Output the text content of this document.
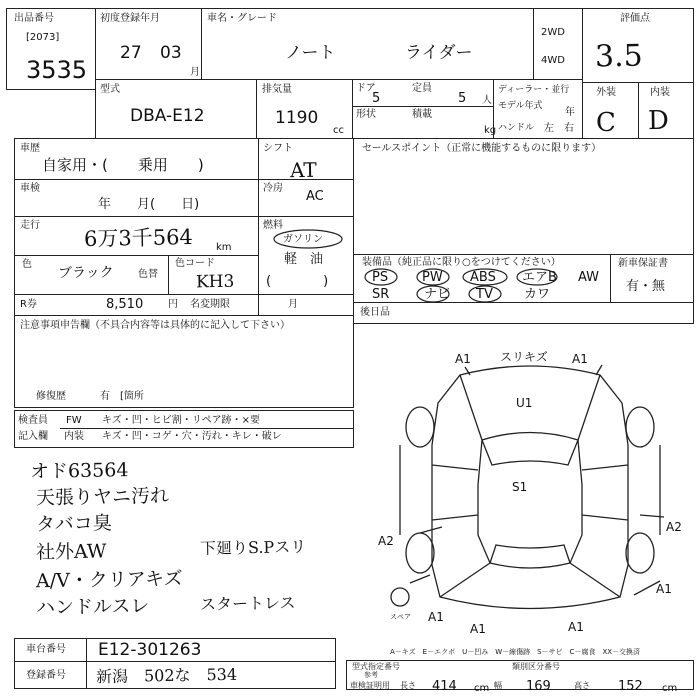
出品番号
[2073]
3535
初度登録年月
27 03
月
車名・グレード
ノート	ライダー
2WD
4WD
評価点
3.5
型式
DBA-E12
排気量
1190
cc
ドア
5
定員
5 人
形状	積載
kg
ディーラー・並行
モデル年式
年
ハンドル 左 右
外装	内装
C D
車歴
自家用・(　　乗用　　)
車検
年　　月(　　日)
走行 6万3千564 km
色
ブラック 色替
色コード
KH3
R券	8,510 円 名変期限	月
注意事項申告欄（不具合内容等は具体的に記入して下さい）
修復歴	有　[箇所
シフト
AT
冷房
AC
燃料
ガソリン
軽　油
(　　　　)
セールスポイント（正常に機能するものに限ります）
装備品（純正品に限り○をつけてください）
PS	PW ABS エアB AW
SR	ナビ TV カワ
新車保証書
有・無
後日品
検査員
記入欄
FW キズ・凹・ヒビ割・リペア跡・×要
内装 キズ・凹・コゲ・穴・汚れ・キレ・破レ
オド63564
天張りヤニ汚れ
タバコ臭
社外AW
A/V・クリアキズ
ハンドルスレ
下廻りS.Pスリ
スタートレス
A1 スリキズ A1
U1
S1
A2
A2
A1
A1
A1	A1
スペア
車台番号 E12-301263
登録番号 新潟　502な　534
A－キズ　E－エクボ　U－凹み　W－線傷跡　S－サビ　C－腐食　XX－交換済
型式指定番号
参考
類別区分番号
車検証明用 長さ 414 cm 幅 169	高さ 152 cm
